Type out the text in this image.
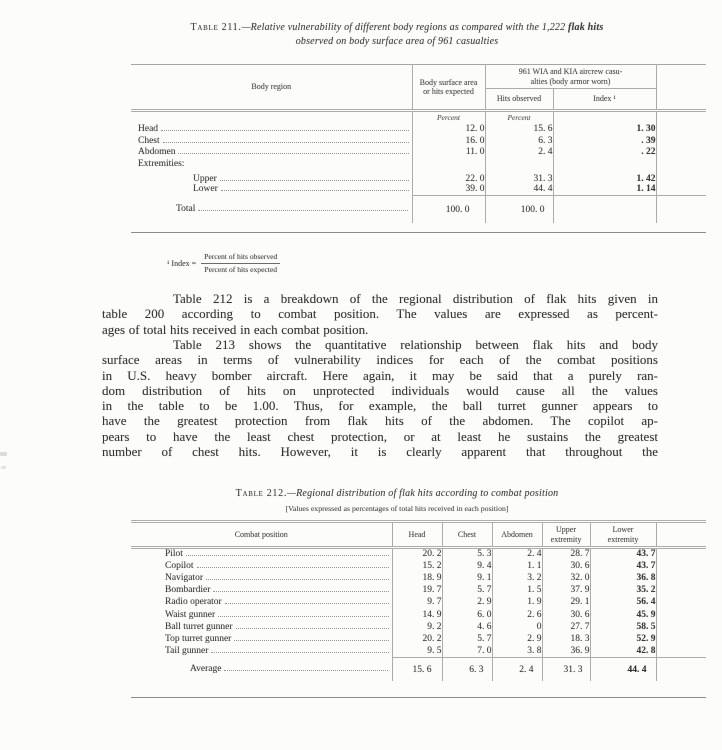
Table 211.—Relative vulnerability of different body regions as compared with the 1,222 flak hits
observed on body surface area of 961 casualties
Body region	Body surface area or hits expected	961 WIA and KIA aircrew casu-
alties (body armor worn)		

		Hits observed	Index ¹	
	Percent	Percent		

Head	12. 0	15. 6	1. 30	

Chest	16. 0	6. 3	. 39	

Abdomen	11. 0	2. 4	. 22	

Extremities:				

Upper	22. 0	31. 3	1. 42	

Lower	39. 0	44. 4	1. 14	

Total	100. 0	100. 0		

¹ Index = $\frac{\text{Percent of hits observed}}{\text{Percent of hits expected}}$
Table 212 is a breakdown of the regional distribution of flak hits given in
table 200 according to combat position. The values are expressed as percent-
ages of total hits received in each combat position.
Table 213 shows the quantitative relationship between flak hits and body
surface areas in terms of vulnerability indices for each of the combat positions
in U.S. heavy bomber aircraft. Here again, it may be said that a purely ran-
dom distribution of hits on unprotected individuals would cause all the values
in the table to be 1.00. Thus, for example, the ball turret gunner appears to
have the greatest protection from flak hits of the abdomen. The copilot ap-
pears to have the least chest protection, or at least he sustains the greatest
number of chest hits. However, it is clearly apparent that throughout the
Table 212.—Regional distribution of flak hits according to combat position
[Values expressed as percentages of total hits received in each position]
Combat position	Head	Chest	Abdomen	Upper extremity	Lower extremity	

Pilot	20. 2	5. 3	2. 4	28. 7	43. 7	

Copilot	15. 2	9. 4	1. 1	30. 6	43. 7	

Navigator	18. 9	9. 1	3. 2	32. 0	36. 8	

Bombardier	19. 7	5. 7	1. 5	37. 9	35. 2	

Radio operator	9. 7	2. 9	1. 9	29. 1	56. 4	

Waist gunner	14. 9	6. 0	2. 6	30. 6	45. 9	

Ball turret gunner	9. 2	4. 6	0	27. 7	58. 5	

Top turret gunner	20. 2	5. 7	2. 9	18. 3	52. 9	

Tail gunner	9. 5	7. 0	3. 8	36. 9	42. 8	

Average	15. 6	6. 3	2. 4	31. 3	44. 4	
